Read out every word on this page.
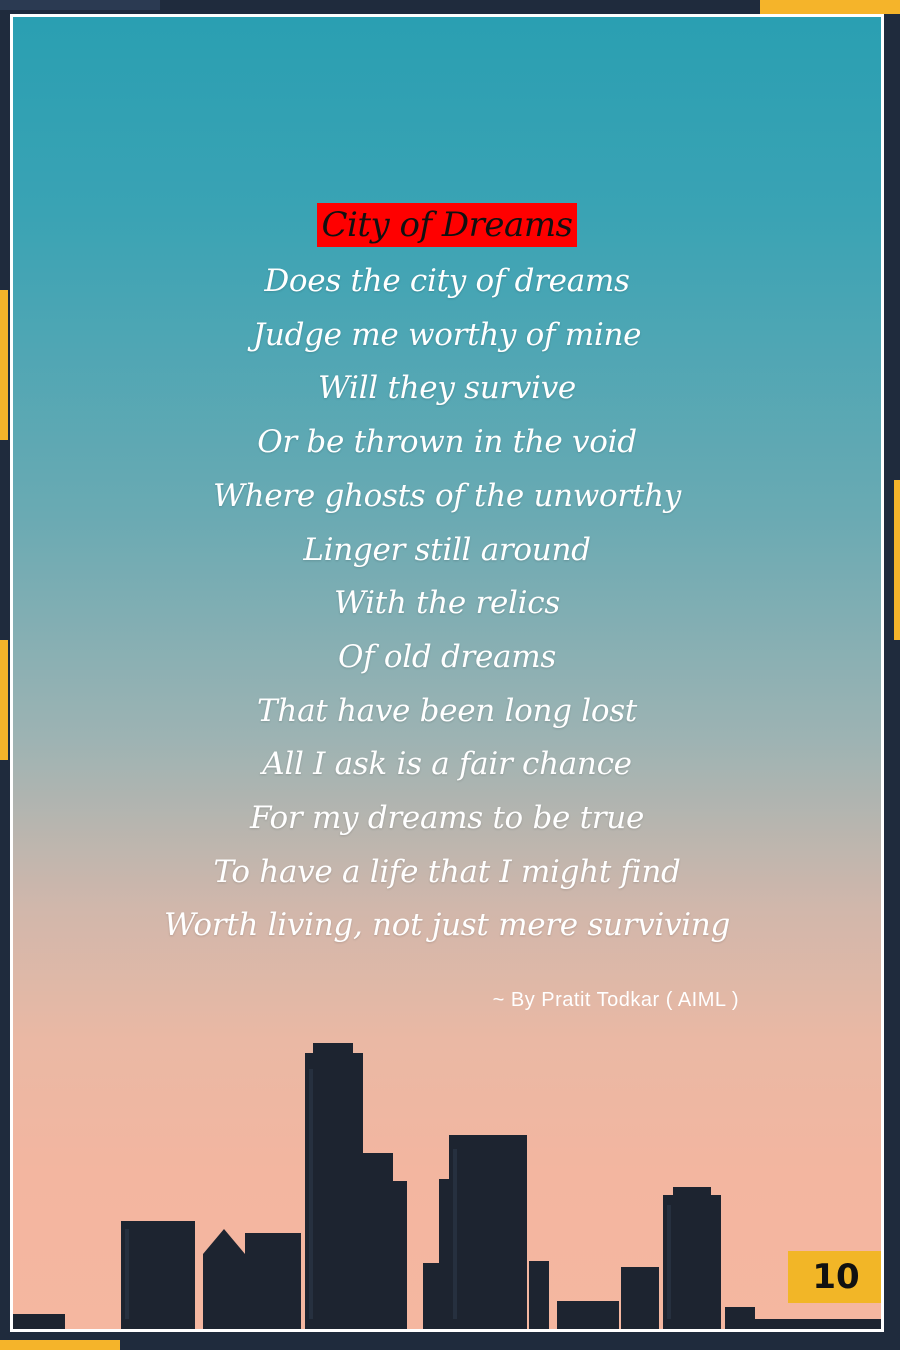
City of Dreams
Does the city of dreams
Judge me worthy of mine
Will they survive
Or be thrown in the void
Where ghosts of the unworthy
Linger still around
With the relics
Of old dreams
That have been long lost
All I ask is a fair chance
For my dreams to be true
To have a life that I might find
Worth living, not just mere surviving
~ By Pratit Todkar ( AIML )
10
